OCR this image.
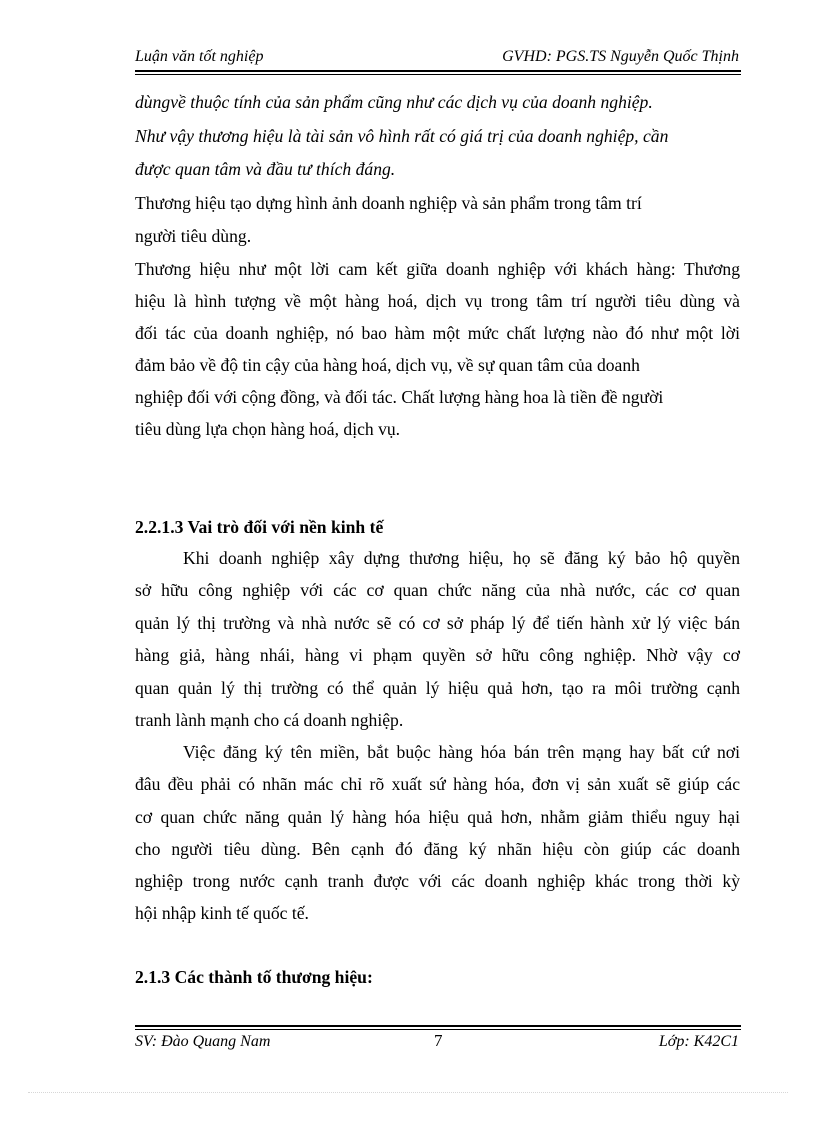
Luận văn tốt nghiệp	GVHD: PGS.TS Nguyễn Quốc Thịnh
dùngvề thuộc tính của sản phẩm cũng như các dịch vụ của doanh nghiệp.
Như vậy thương hiệu là tài sản vô hình rất có giá trị của doanh nghiệp, cần
được quan tâm và đầu tư thích đáng.
Thương hiệu tạo dựng hình ảnh doanh nghiệp và sản phẩm trong tâm trí
người tiêu dùng.
Thương hiệu như một lời cam kết giữa doanh nghiệp với khách hàng: Thương
hiệu là hình tượng về một hàng hoá, dịch vụ trong tâm trí người tiêu dùng và
đối tác của doanh nghiệp, nó bao hàm một mức chất lượng nào đó như một lời
đảm bảo về độ tin cậy của hàng hoá, dịch vụ, về sự quan tâm của doanh
nghiệp đối với cộng đồng, và đối tác. Chất lượng hàng hoa là tiền đề người
tiêu dùng lựa chọn hàng hoá, dịch vụ.
2.2.1.3 Vai trò đối với nền kinh tế
Khi doanh nghiệp xây dựng thương hiệu, họ sẽ đăng ký bảo hộ quyền
sở hữu công nghiệp với các cơ quan chức năng của nhà nước, các cơ quan
quản lý thị trường và nhà nước sẽ có cơ sở pháp lý để tiến hành xử lý việc bán
hàng giả, hàng nhái, hàng vi phạm quyền sở hữu công nghiệp. Nhờ vậy cơ
quan quản lý thị trường có thể quản lý hiệu quả hơn, tạo ra môi trường cạnh
tranh lành mạnh cho cá doanh nghiệp.
Việc đăng ký tên miền, bắt buộc hàng hóa bán trên mạng hay bất cứ nơi
đâu đều phải có nhãn mác chỉ rõ xuất sứ hàng hóa, đơn vị sản xuất sẽ giúp các
cơ quan chức năng quản lý hàng hóa hiệu quả hơn, nhằm giảm thiểu nguy hại
cho người tiêu dùng. Bên cạnh đó đăng ký nhãn hiệu còn giúp các doanh
nghiệp trong nước cạnh tranh được với các doanh nghiệp khác trong thời kỳ
hội nhập kinh tế quốc tế.
2.1.3 Các thành tố thương hiệu:
SV: Đào Quang Nam	7	Lớp: K42C1
